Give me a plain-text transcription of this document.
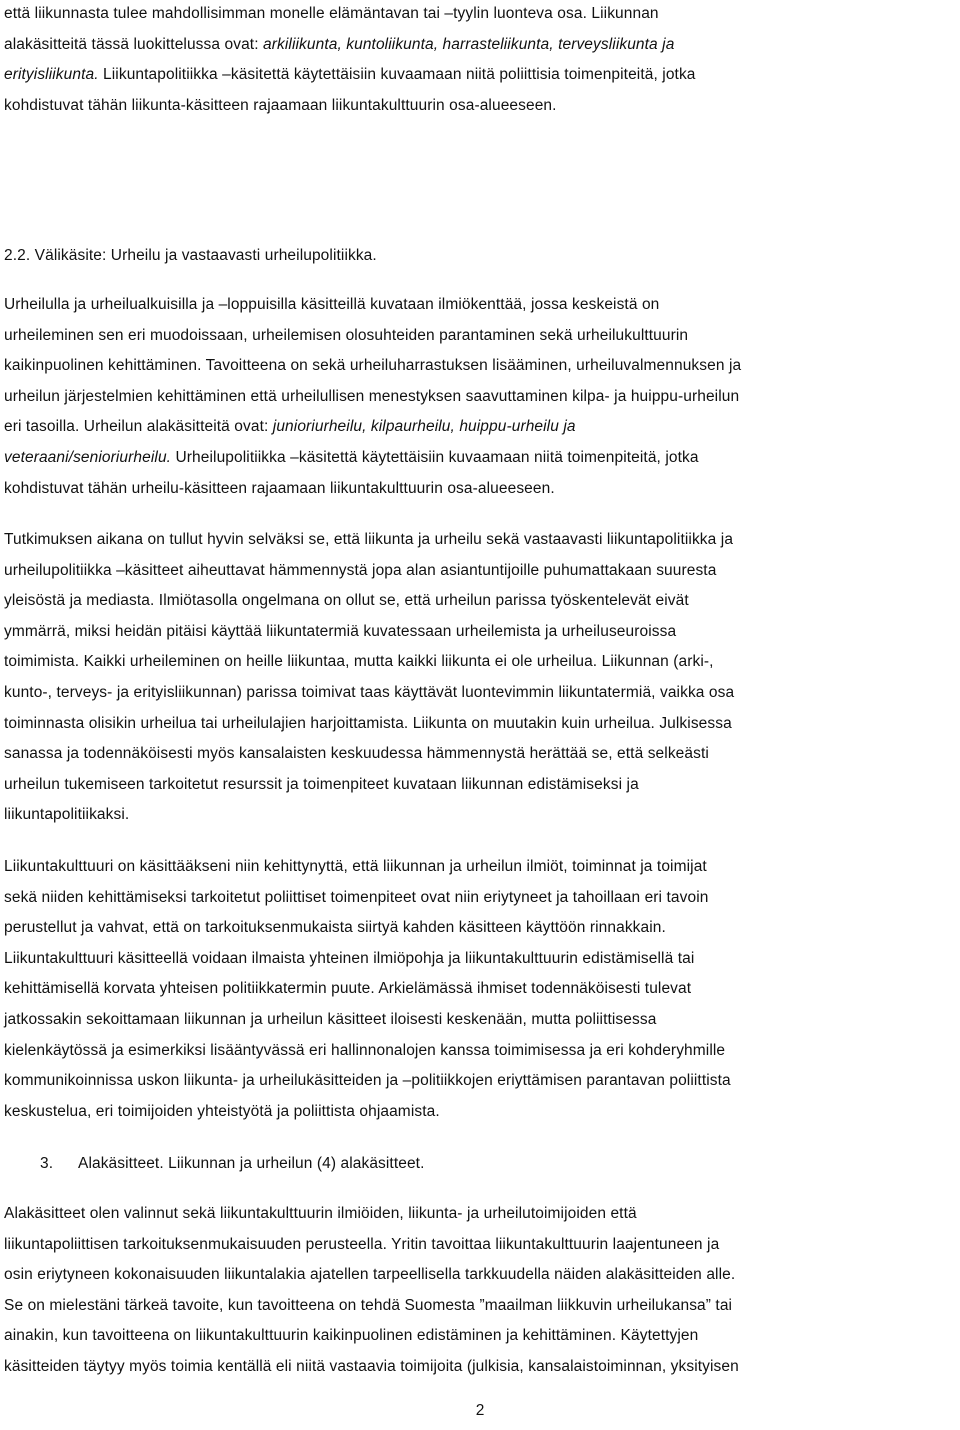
että liikunnasta tulee mahdollisimman monelle elämäntavan tai –tyylin luonteva osa. Liikunnan
alakäsitteitä tässä luokittelussa ovat: arkiliikunta, kuntoliikunta, harrasteliikunta, terveysliikunta ja
erityisliikunta. Liikuntapolitiikka –käsitettä käytettäisiin kuvaamaan niitä poliittisia toimenpiteitä, jotka
kohdistuvat tähän liikunta-käsitteen rajaamaan liikuntakulttuurin osa-alueeseen.
2.2. Välikäsite: Urheilu ja vastaavasti urheilupolitiikka.
Urheilulla ja urheilualkuisilla ja –loppuisilla käsitteillä kuvataan ilmiökenttää, jossa keskeistä on
urheileminen sen eri muodoissaan, urheilemisen olosuhteiden parantaminen sekä urheilukulttuurin
kaikinpuolinen kehittäminen. Tavoitteena on sekä urheiluharrastuksen lisääminen, urheiluvalmennuksen ja
urheilun järjestelmien kehittäminen että urheilullisen menestyksen saavuttaminen kilpa- ja huippu-urheilun
eri tasoilla. Urheilun alakäsitteitä ovat: junioriurheilu, kilpaurheilu, huippu-urheilu ja
veteraani/senioriurheilu. Urheilupolitiikka –käsitettä käytettäisiin kuvaamaan niitä toimenpiteitä, jotka
kohdistuvat tähän urheilu-käsitteen rajaamaan liikuntakulttuurin osa-alueeseen.
Tutkimuksen aikana on tullut hyvin selväksi se, että liikunta ja urheilu sekä vastaavasti liikuntapolitiikka ja
urheilupolitiikka –käsitteet aiheuttavat hämmennystä jopa alan asiantuntijoille puhumattakaan suuresta
yleisöstä ja mediasta. Ilmiötasolla ongelmana on ollut se, että urheilun parissa työskentelevät eivät
ymmärrä, miksi heidän pitäisi käyttää liikuntatermiä kuvatessaan urheilemista ja urheiluseuroissa
toimimista. Kaikki urheileminen on heille liikuntaa, mutta kaikki liikunta ei ole urheilua. Liikunnan (arki-,
kunto-, terveys- ja erityisliikunnan) parissa toimivat taas käyttävät luontevimmin liikuntatermiä, vaikka osa
toiminnasta olisikin urheilua tai urheilulajien harjoittamista. Liikunta on muutakin kuin urheilua. Julkisessa
sanassa ja todennäköisesti myös kansalaisten keskuudessa hämmennystä herättää se, että selkeästi
urheilun tukemiseen tarkoitetut resurssit ja toimenpiteet kuvataan liikunnan edistämiseksi ja
liikuntapolitiikaksi.
Liikuntakulttuuri on käsittääkseni niin kehittynyttä, että liikunnan ja urheilun ilmiöt, toiminnat ja toimijat
sekä niiden kehittämiseksi tarkoitetut poliittiset toimenpiteet ovat niin eriytyneet ja tahoillaan eri tavoin
perustellut ja vahvat, että on tarkoituksenmukaista siirtyä kahden käsitteen käyttöön rinnakkain.
Liikuntakulttuuri käsitteellä voidaan ilmaista yhteinen ilmiöpohja ja liikuntakulttuurin edistämisellä tai
kehittämisellä korvata yhteisen politiikkatermin puute. Arkielämässä ihmiset todennäköisesti tulevat
jatkossakin sekoittamaan liikunnan ja urheilun käsitteet iloisesti keskenään, mutta poliittisessa
kielenkäytössä ja esimerkiksi lisääntyvässä eri hallinnonalojen kanssa toimimisessa ja eri kohderyhmille
kommunikoinnissa uskon liikunta- ja urheilukäsitteiden ja –politiikkojen eriyttämisen parantavan poliittista
keskustelua, eri toimijoiden yhteistyötä ja poliittista ohjaamista.
3. Alakäsitteet. Liikunnan ja urheilun (4) alakäsitteet.
Alakäsitteet olen valinnut sekä liikuntakulttuurin ilmiöiden, liikunta- ja urheilutoimijoiden että
liikuntapoliittisen tarkoituksenmukaisuuden perusteella. Yritin tavoittaa liikuntakulttuurin laajentuneen ja
osin eriytyneen kokonaisuuden liikuntalakia ajatellen tarpeellisella tarkkuudella näiden alakäsitteiden alle.
Se on mielestäni tärkeä tavoite, kun tavoitteena on tehdä Suomesta ”maailman liikkuvin urheilukansa” tai
ainakin, kun tavoitteena on liikuntakulttuurin kaikinpuolinen edistäminen ja kehittäminen. Käytettyjen
käsitteiden täytyy myös toimia kentällä eli niitä vastaavia toimijoita (julkisia, kansalaistoiminnan, yksityisen
2
